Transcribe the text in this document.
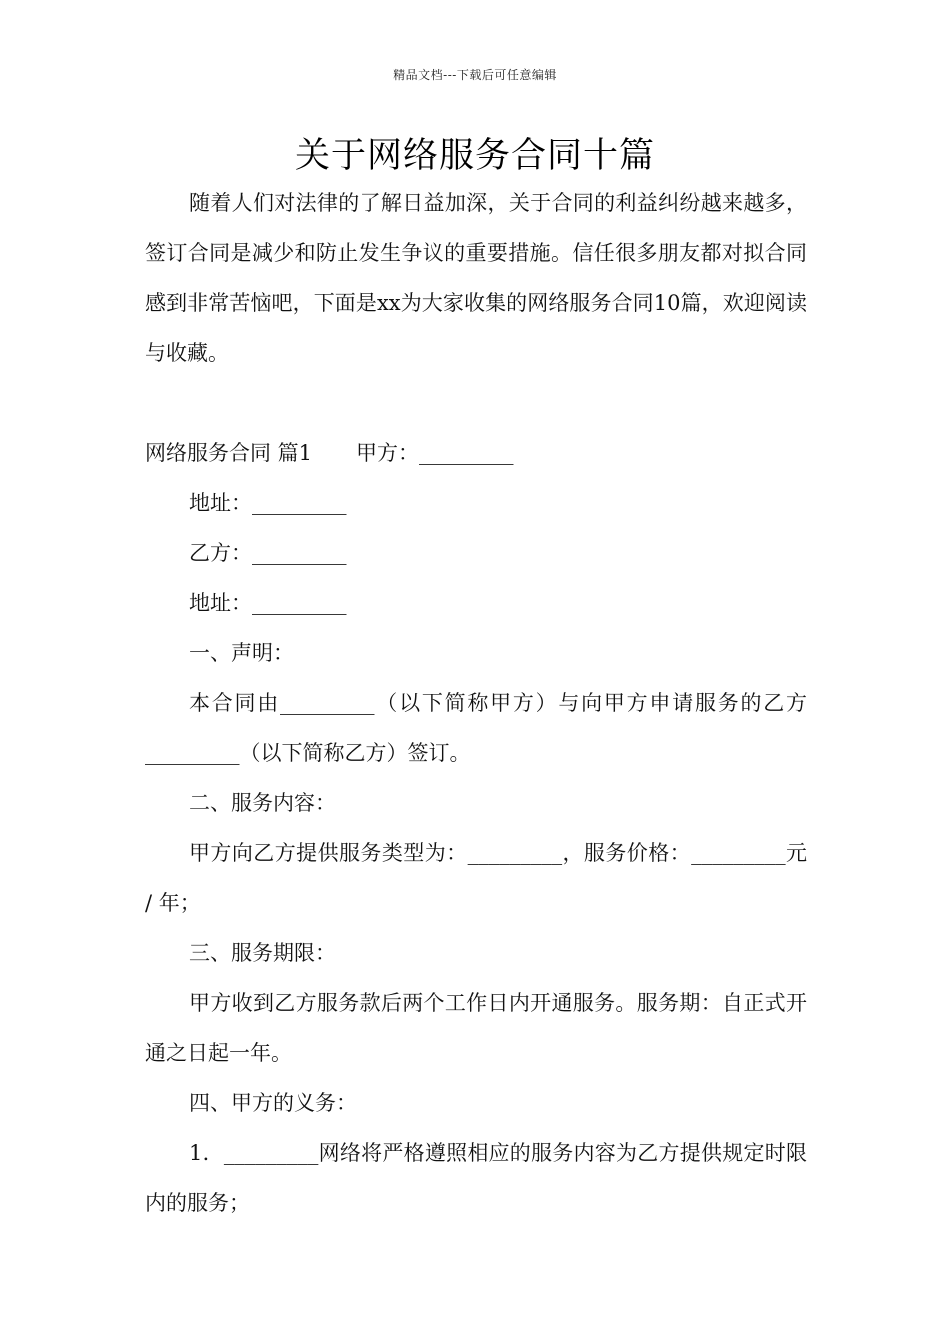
精品文档---下载后可任意编辑
关于网络服务合同十篇

随着人们对法律的了解日益加深，关于合同的利益纠纷越来越多，签订合同是减少和防止发生争议的重要措施。信任很多朋友都对拟合同感到非常苦恼吧，下面是xx为大家收集的网络服务合同10篇，欢迎阅读与收藏。

网络服务合同 篇1 甲方：_________

地址：_________

乙方：_________

地址：_________

一、声明：

本合同由_________（以下简称甲方）与向甲方申请服务的乙方_________（以下简称乙方）签订。

二、服务内容：

甲方向乙方提供服务类型为：_________，服务价格：_________元 / 年；

三、服务期限：

甲方收到乙方服务款后两个工作日内开通服务。服务期：自正式开通之日起一年。

四、甲方的义务：

1．_________网络将严格遵照相应的服务内容为乙方提供规定时限内的服务；
